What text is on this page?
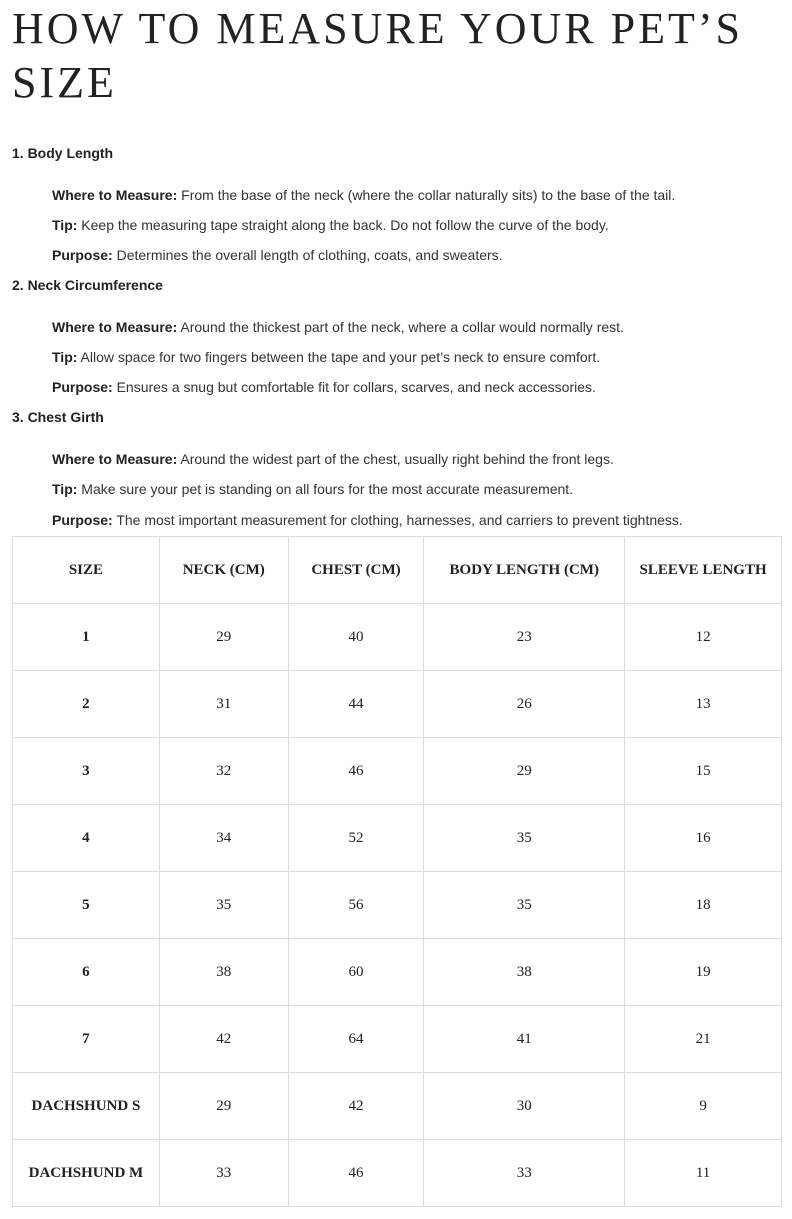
HOW TO MEASURE YOUR PET’S SIZE
1. Body Length
Where to Measure: From the base of the neck (where the collar naturally sits) to the base of the tail.
Tip: Keep the measuring tape straight along the back. Do not follow the curve of the body.
Purpose: Determines the overall length of clothing, coats, and sweaters.
2. Neck Circumference
Where to Measure: Around the thickest part of the neck, where a collar would normally rest.
Tip: Allow space for two fingers between the tape and your pet’s neck to ensure comfort.
Purpose: Ensures a snug but comfortable fit for collars, scarves, and neck accessories.
3. Chest Girth
Where to Measure: Around the widest part of the chest, usually right behind the front legs.
Tip: Make sure your pet is standing on all fours for the most accurate measurement.
Purpose: The most important measurement for clothing, harnesses, and carriers to prevent tightness.
SIZE	NECK (CM)	CHEST (CM)	BODY LENGTH (CM)	SLEEVE LENGTH
1	29	40	23	12
2	31	44	26	13
3	32	46	29	15
4	34	52	35	16
5	35	56	35	18
6	38	60	38	19
7	42	64	41	21
DACHSHUND S	29	42	30	9
DACHSHUND M	33	46	33	11
